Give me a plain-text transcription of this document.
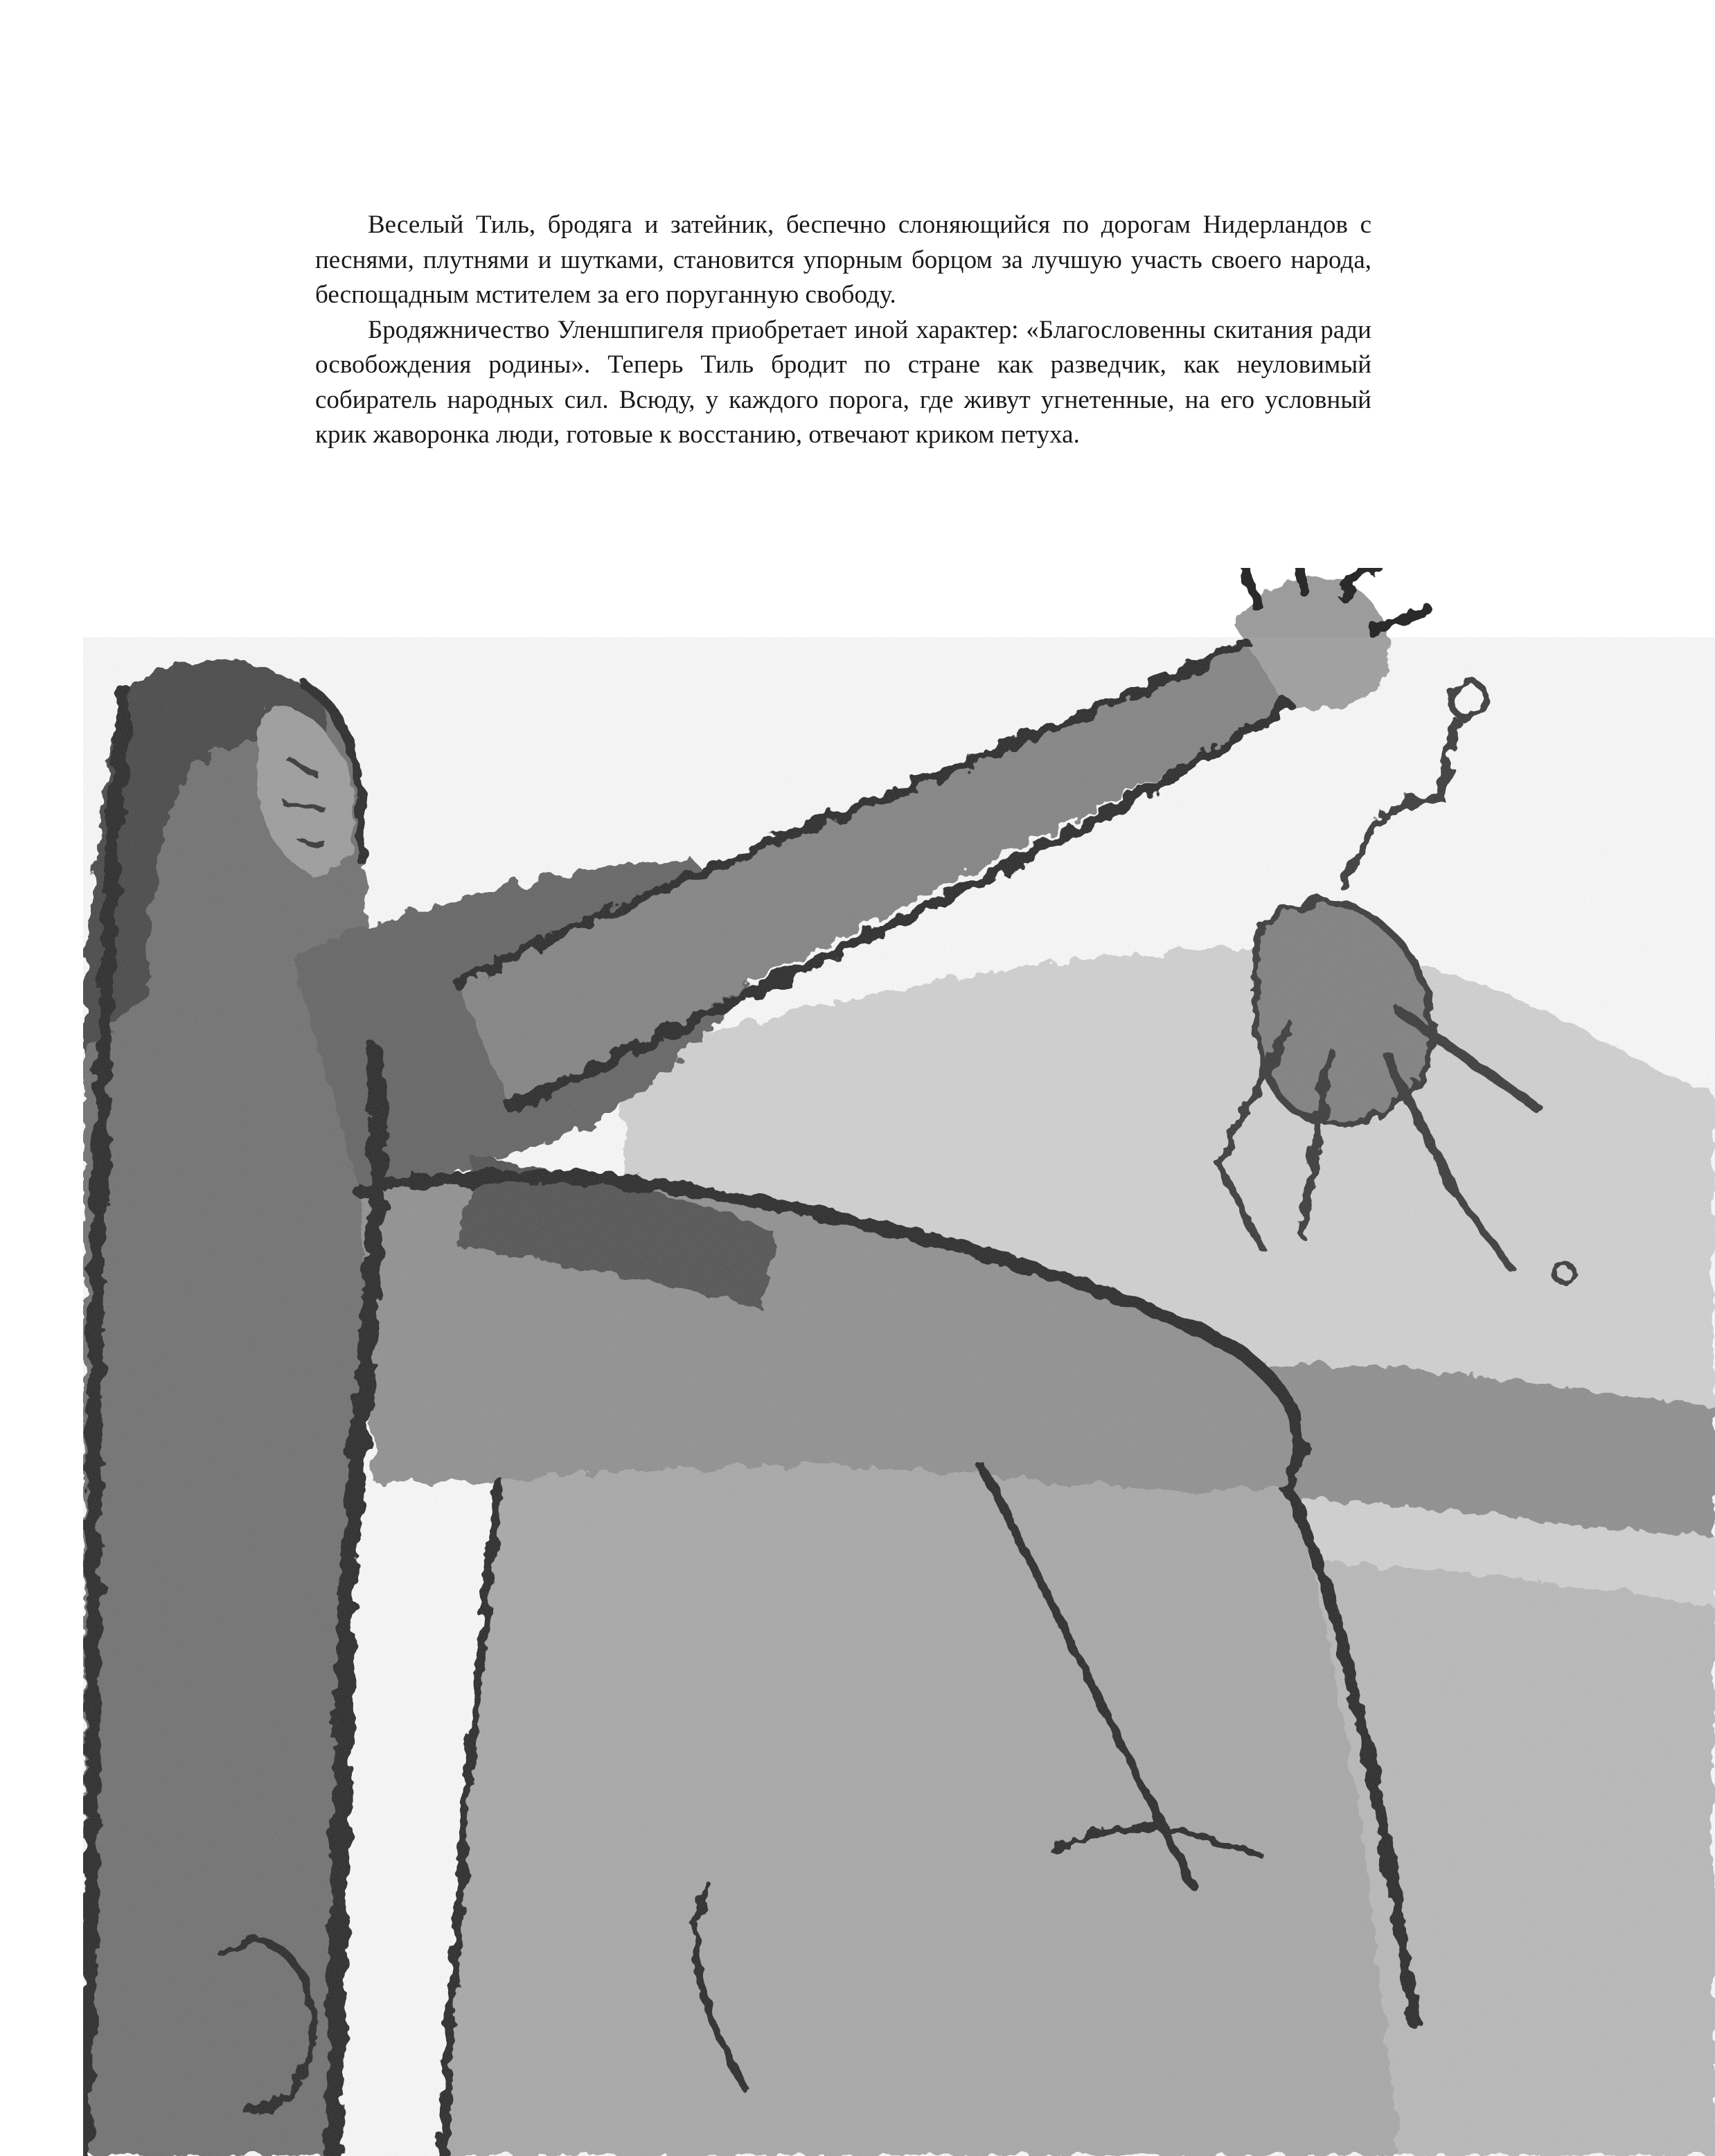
Веселый Тиль, бродяга и затейник, беспечно слоняющийся по дорогам Нидерландов с песнями, плутнями и шутками, становится упорным борцом за лучшую участь своего народа, беспощадным мстителем за его поруганную свободу.

Бродяжничество Уленшпигеля приобретает иной характер: «Благословенны скитания ради освобождения родины». Теперь Тиль бродит по стране как разведчик, как неуловимый собиратель народных сил. Всюду, у каждого порога, где живут угнетенные, на его условный крик жаворонка люди, готовые к восстанию, отвечают криком петуха.
